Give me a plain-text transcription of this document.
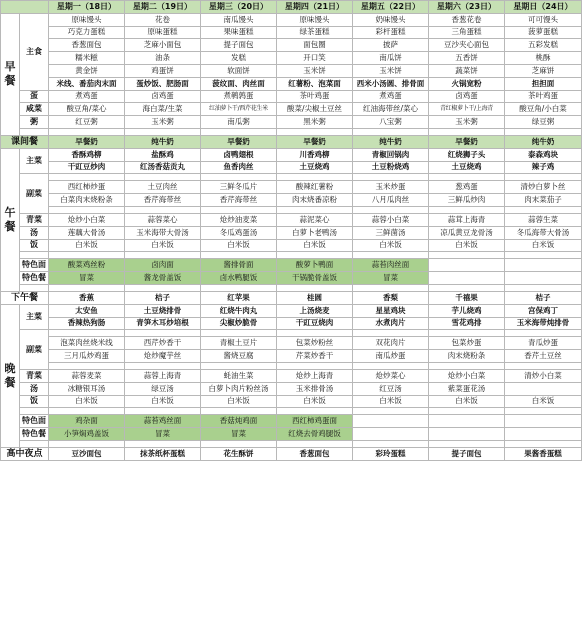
		星期一（18日）	星期二（19日）	星期三（20日）	星期四（21日）	星期五（22日）	星期六（23日）	星期日（24日）
早餐	主食	原味馒头	花卷	南瓜馒头	原味馒头	奶味馒头	香葱花卷	可可馒头
		巧克力蛋糕	原味蛋糕	果味蛋糕	绿茶蛋糕	彩杆蛋糕	三角蛋糕	菠萝蛋糕
		香葱面包	芝麻小面包	提子面包	面包圈	披萨	豆沙夹心面包	五彩发糕
		糯米糍	油条	发糕	开口笑	南瓜饼	五香饼	桃酥
		黄金饼	鸡蛋饼	软面饼	玉米饼	玉米饼	蔬菜饼	芝麻饼
		米线、番茄肉末面	蛋炒饭、肥肠面	菠纹面、肉丝面	红薯粉、泡菜面	西米小汤圆、排骨面	火锅宽粉	担担面
	蛋	煮鸡蛋	卤鸡蛋	煮鹌鹑蛋	茶叶鸡蛋	煮鸡蛋	卤鸡蛋	茶叶鸡蛋
	咸菜	酸豆角/菜心	海白菜/生菜	红油萝卜干/西芹花生米	酸菜/尖椒土豆丝	红油海带丝/菜心	青红椒萝卜干/上海青	酸豆角/小白菜
	粥	红豆粥	玉米粥	南瓜粥	黑米粥	八宝粥	玉米粥	绿豆粥

课间餐		早餐奶	纯牛奶	早餐奶	早餐奶	纯牛奶	早餐奶	纯牛奶
午餐	主菜	香酥鸡柳	盐酥鸡	卤鸭翅根	川香鸡柳	青椒回锅肉	红烧狮子头	泰森鸡块
		干豇豆炒肉	红汤香菇贡丸	鱼香肉丝	土豆烧鸡	土豆粉烧鸡	土豆烧鸡	辣子鸡
	副菜							
		西红柿炒蛋	土豆肉丝	三鲜冬瓜片	酸辣红薯粉	玉米炒蛋	葱鸡蛋	清炒白萝卜丝
		白菜肉末烧粉条	香芹海带丝	香芹海带丝	肉末烧番凉粉	八月瓜肉丝	三鲜瓜炒肉	肉末菜茄子

	青菜	炝炒小白菜	蒜蓉菜心	炝炒油麦菜	蒜泥菜心	蒜蓉小白菜	蒜茸上海青	蒜蓉生菜
	汤	莲藕大骨汤	玉米海带大骨汤	冬瓜鸡蛋汤	白萝卜老鸭汤	三鲜菌汤	凉瓜黄豆龙骨汤	冬瓜海带大骨汤
	饭	白米饭	白米饭	白米饭	白米饭	白米饭	白米饭	白米饭

	特色面	酸菜鸡丝粉	卤肉面	酱排骨面	酸萝卜鸭面	蒜苔肉丝面		
	特色餐	冒菜	酱龙骨盖饭	卤水鸭腿饭	干锅脆骨盖饭	冒菜		

下午餐		香蕉	桔子	红苹果	桂圆	香梨	千禧果	桔子
晚餐	主菜	太安鱼	土豆烧排骨	红烧牛肉丸	上汤烧麦	星星鸡块	芋儿烧鸡	宫保鸡丁
		香辣热狗肠	青笋木耳炒培根	尖椒炒脆骨	干豇豆烧肉	水煮肉片	雪花鸡排	玉米海带炖排骨
	副菜							
		泡菜肉丝烧米线	西芹炒香干	青椒土豆片	包菜炒粉丝	双花肉片	包菜炒蛋	青瓜炒蛋
		三月瓜炒鸡蛋	炝炒魔芋丝	酱烧豆腐	芹菜炒香干	南瓜炒蛋	肉末烧粉条	香芹土豆丝

	青菜	蒜蓉麦菜	蒜蓉上海青	蚝油生菜	炝炒上海青	炝炒菜心	炝炒小白菜	清炒小白菜
	汤	冰糖银耳汤	绿豆汤	白萝卜肉片粉丝汤	玉米排骨汤	红豆汤	紫菜蛋花汤	
	饭	白米饭	白米饭	白米饭	白米饭	白米饭	白米饭	白米饭

	特色面	鸡杂面	蒜苔鸡丝面	香菇炖鸡面	西红柿鸡蛋面			
	特色餐	小笋焖鸡盖饭	冒菜	冒菜	红烧去骨鸡腿饭			

高中夜点		豆沙面包	抹茶纸杯蛋糕	花生酥饼	香葱面包	彩玲蛋糕	提子面包	果酱香蛋糕
